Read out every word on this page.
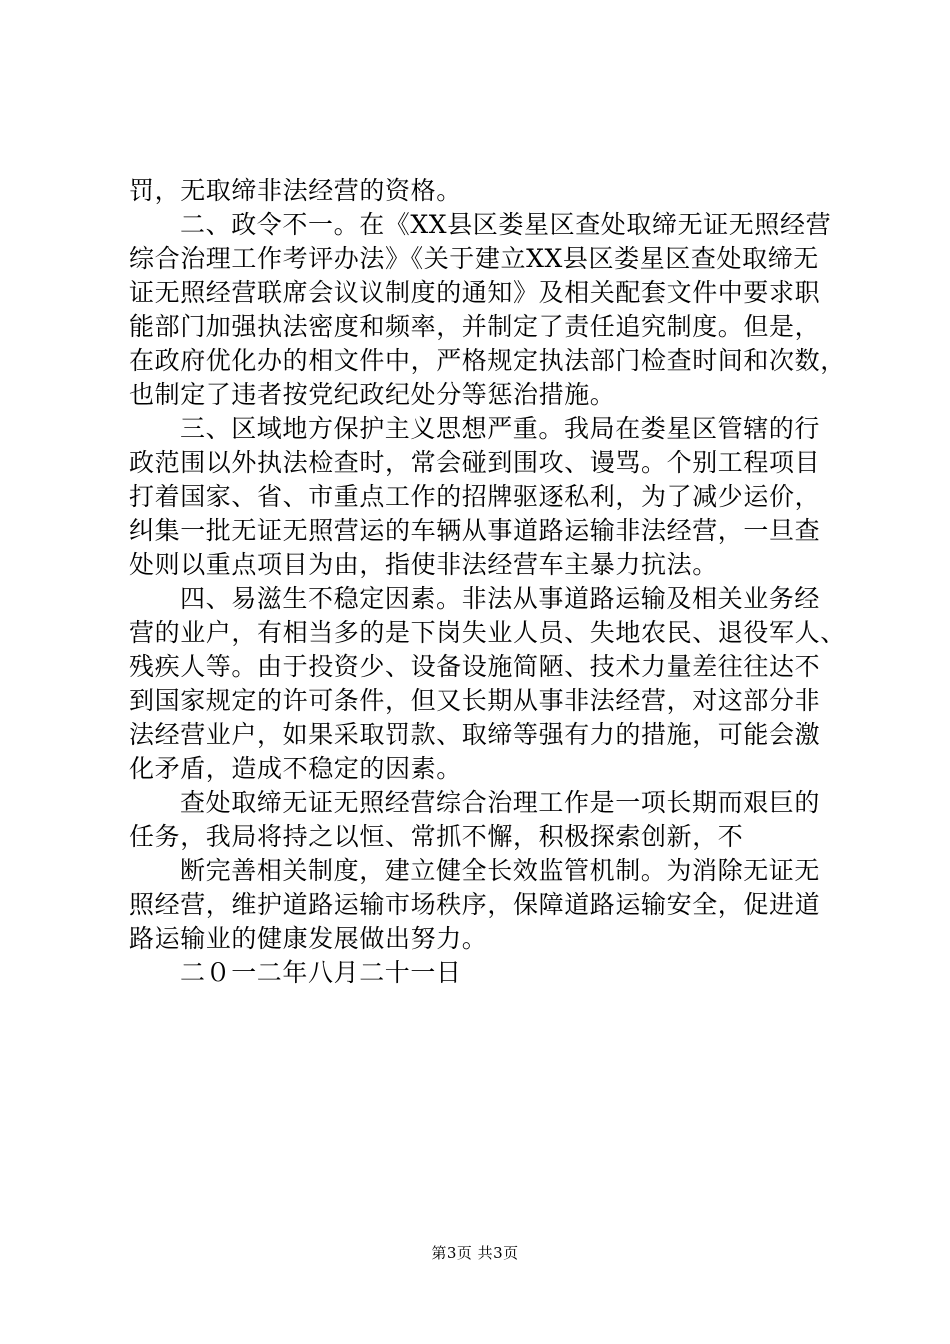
罚，无取缔非法经营的资格。
二、政令不一。在《XX县区娄星区查处取缔无证无照经营
综合治理工作考评办法》《关于建立XX县区娄星区查处取缔无
证无照经营联席会议议制度的通知》及相关配套文件中要求职
能部门加强执法密度和频率，并制定了责任追究制度。但是，
在政府优化办的相文件中，严格规定执法部门检查时间和次数，
也制定了违者按党纪政纪处分等惩治措施。
三、区域地方保护主义思想严重。我局在娄星区管辖的行
政范围以外执法检查时，常会碰到围攻、谩骂。个别工程项目
打着国家、省、市重点工作的招牌驱逐私利，为了减少运价，
纠集一批无证无照营运的车辆从事道路运输非法经营，一旦查
处则以重点项目为由，指使非法经营车主暴力抗法。
四、易滋生不稳定因素。非法从事道路运输及相关业务经
营的业户，有相当多的是下岗失业人员、失地农民、退役军人、
残疾人等。由于投资少、设备设施简陋、技术力量差往往达不
到国家规定的许可条件，但又长期从事非法经营，对这部分非
法经营业户，如果采取罚款、取缔等强有力的措施，可能会激
化矛盾，造成不稳定的因素。
查处取缔无证无照经营综合治理工作是一项长期而艰巨的
任务，我局将持之以恒、常抓不懈，积极探索创新，不
断完善相关制度，建立健全长效监管机制。为消除无证无
照经营，维护道路运输市场秩序，保障道路运输安全，促进道
路运输业的健康发展做出努力。
二０一二年八月二十一日
第3页 共3页
